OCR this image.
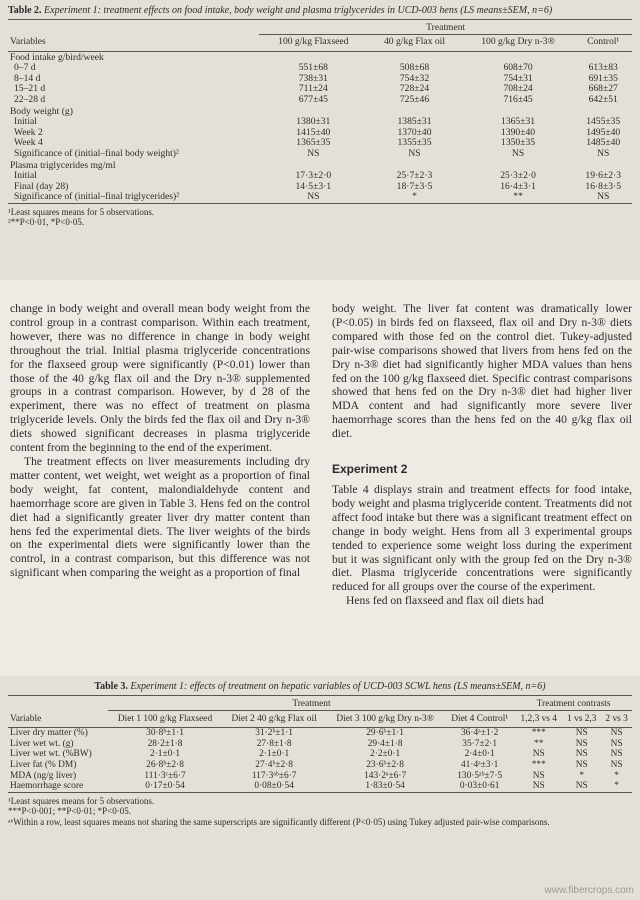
Table 2. Experiment 1: treatment effects on food intake, body weight and plasma triglycerides in UCD-003 hens (LS means±SEM, n=6)
	Treatment			
Variables	100 g/kg Flaxseed	40 g/kg Flax oil	100 g/kg Dry n-3®	Control¹
Food intake g/bird/week				
0–7 d	551±68	508±68	608±70	613±83
8–14 d	738±31	754±32	754±31	691±35
15–21 d	711±24	728±24	708±24	668±27
22–28 d	677±45	725±46	716±45	642±51
Body weight (g)				
Initial	1380±31	1385±31	1365±31	1455±35
Week 2	1415±40	1370±40	1390±40	1495±40
Week 4	1365±35	1355±35	1350±35	1485±40
Significance of (initial–final body weight)²	NS	NS	NS	NS
Plasma triglycerides mg/ml				
Initial	17·3±2·0	25·7±2·3	25·3±2·0	19·6±2·3
Final (day 28)	14·5±3·1	18·7±3·5	16·4±3·1	16·8±3·5
Significance of (initial–final triglycerides)²	NS	*	**	NS
¹Least squares means for 5 observations.
²**P<0·01, *P<0·05.

change in body weight and overall mean body weight from the control group in a contrast comparison. Within each treatment, however, there was no difference in change in body weight throughout the trial. Initial plasma triglyceride concentrations for the flaxseed group were significantly (P<0.01) lower than those of the 40 g/kg flax oil and the Dry n-3® supplemented groups in a contrast comparison. However, by d 28 of the experiment, there was no effect of treatment on plasma triglyceride levels. Only the birds fed the flax oil and Dry n-3® diets showed significant decreases in plasma triglyceride content from the beginning to the end of the experiment.

The treatment effects on liver measurements including dry matter content, wet weight, wet weight as a proportion of final body weight, fat content, malondialdehyde content and haemorrhage score are given in Table 3. Hens fed on the control diet had a significantly greater liver dry matter content than hens fed the experimental diets. The liver weights of the birds on the experimental diets were significantly lower than the control, in a contrast comparison, but this difference was not significant when comparing the weight as a proportion of final

body weight. The liver fat content was dramatically lower (P<0.05) in birds fed on flaxseed, flax oil and Dry n-3® diets compared with those fed on the control diet. Tukey-adjusted pair-wise comparisons showed that livers from hens fed on the Dry n-3® diet had significantly higher MDA values than hens fed on the 100 g/kg flaxseed diet. Specific contrast comparisons showed that hens fed on the Dry n-3® diet had higher liver MDA content and had significantly more severe liver haemorrhage scores than the hens fed on the 40 g/kg flax oil diet.

Experiment 2

Table 4 displays strain and treatment effects for food intake, body weight and plasma triglyceride content. Treatments did not affect food intake but there was a significant treatment effect on change in body weight. Hens from all 3 experimental groups tended to experience some weight loss during the experiment but it was significant only with the group fed on the Dry n-3® diet. Plasma triglyceride concentrations were significantly reduced for all groups over the course of the experiment.

Hens fed on flaxseed and flax oil diets had

Table 3. Experiment 1: effects of treatment on hepatic variables of UCD-003 SCWL hens (LS means±SEM, n=6)
	Treatment				Treatment contrasts		
Variable	Diet 1 100 g/kg Flaxseed	Diet 2 40 g/kg Flax oil	Diet 3 100 g/kg Dry n-3®	Diet 4 Control¹	1,2,3 vs 4	1 vs 2,3	2 vs 3
Liver dry matter (%)	30·8ᵇ±1·1	31·2ᵇ±1·1	29·6ᵇ±1·1	36·4ᵃ±1·2	***	NS	NS
Liver wet wt. (g)	28·2±1·8	27·8±1·8	29·4±1·8	35·7±2·1	**	NS	NS
Liver wet wt. (%BW)	2·1±0·1	2·1±0·1	2·2±0·1	2·4±0·1	NS	NS	NS
Liver fat (% DM)	26·8ᵇ±2·8	27·4ᵇ±2·8	23·6ᵇ±2·8	41·4ᵃ±3·1	***	NS	NS
MDA (ng/g liver)	111·3ᶜ±6·7	117·3ᵃᵇ±6·7	143·2ᵃ±6·7	130·5ᵃᵇ±7·5	NS	*	*
Haemorrhage score	0·17±0·54	0·08±0·54	1·83±0·54	0·03±0·61	NS	NS	*
¹Least squares means for 5 observations.
***P<0·001; **P<0·01; *P<0·05.
ᵃᵇWithin a row, least squares means not sharing the same superscripts are significantly different (P<0·05) using Tukey adjusted pair-wise comparisons.
www.fibercrops.com
